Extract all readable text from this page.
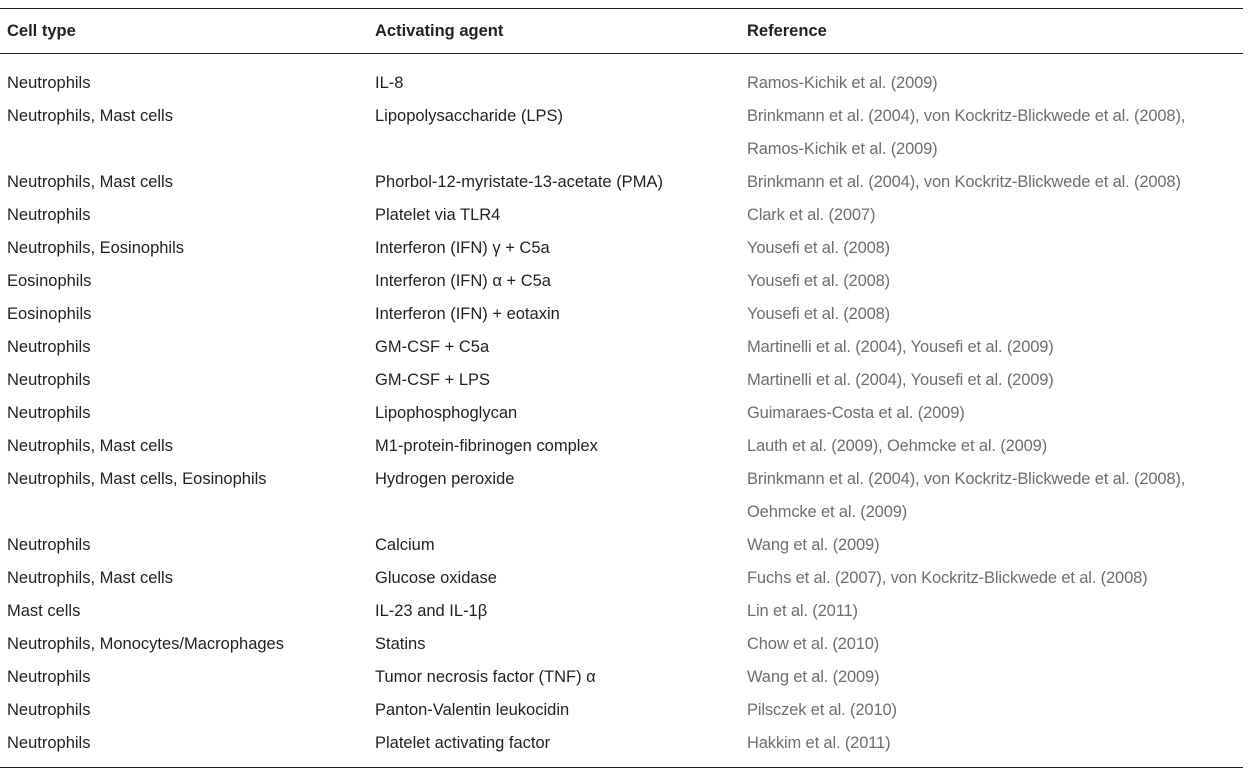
Cell type	Activating agent	Reference
Neutrophils	IL-8	Ramos-Kichik et al. (2009)
Neutrophils, Mast cells	Lipopolysaccharide (LPS)	Brinkmann et al. (2004), von Kockritz-Blickwede et al. (2008),
Ramos-Kichik et al. (2009)
Neutrophils, Mast cells	Phorbol-12-myristate-13-acetate (PMA)	Brinkmann et al. (2004), von Kockritz-Blickwede et al. (2008)
Neutrophils	Platelet via TLR4	Clark et al. (2007)
Neutrophils, Eosinophils	Interferon (IFN) γ + C5a	Yousefi et al. (2008)
Eosinophils	Interferon (IFN) α + C5a	Yousefi et al. (2008)
Eosinophils	Interferon (IFN) + eotaxin	Yousefi et al. (2008)
Neutrophils	GM-CSF + C5a	Martinelli et al. (2004), Yousefi et al. (2009)
Neutrophils	GM-CSF + LPS	Martinelli et al. (2004), Yousefi et al. (2009)
Neutrophils	Lipophosphoglycan	Guimaraes-Costa et al. (2009)
Neutrophils, Mast cells	M1-protein-fibrinogen complex	Lauth et al. (2009), Oehmcke et al. (2009)
Neutrophils, Mast cells, Eosinophils	Hydrogen peroxide	Brinkmann et al. (2004), von Kockritz-Blickwede et al. (2008),
Oehmcke et al. (2009)
Neutrophils	Calcium	Wang et al. (2009)
Neutrophils, Mast cells	Glucose oxidase	Fuchs et al. (2007), von Kockritz-Blickwede et al. (2008)
Mast cells	IL-23 and IL-1β	Lin et al. (2011)
Neutrophils, Monocytes/Macrophages	Statins	Chow et al. (2010)
Neutrophils	Tumor necrosis factor (TNF) α	Wang et al. (2009)
Neutrophils	Panton-Valentin leukocidin	Pilsczek et al. (2010)
Neutrophils	Platelet activating factor	Hakkim et al. (2011)
